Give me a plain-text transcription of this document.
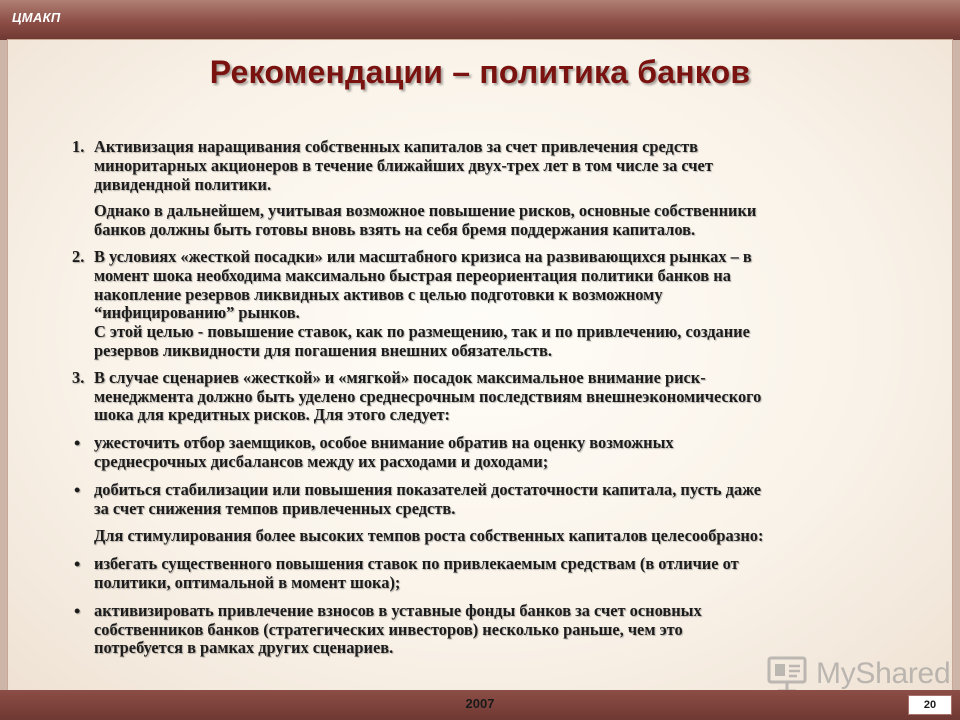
ЦМАКП
Рекомендации – политика банков
1. Активизация наращивания собственных капиталов за счет привлечения средств
миноритарных акционеров в течение ближайших двух-трех лет в том числе за счет
дивидендной политики.
Однако в дальнейшем, учитывая возможное повышение рисков, основные собственники
банков должны быть готовы вновь взять на себя бремя поддержания капиталов.
2. В условиях «жесткой посадки» или масштабного кризиса на развивающихся рынках – в
момент шока необходима максимально быстрая переориентация политики банков на
накопление резервов ликвидных активов с целью подготовки к возможному
“инфицированию” рынков.
С этой целью - повышение ставок, как по размещению, так и по привлечению, создание
резервов ликвидности для погашения внешних обязательств.
3. В случае сценариев «жесткой» и «мягкой» посадок максимальное внимание риск-
менеджмента должно быть уделено среднесрочным последствиям внешнеэкономического
шока для кредитных рисков. Для этого следует:
• ужесточить отбор заемщиков, особое внимание обратив на оценку возможных
среднесрочных дисбалансов между их расходами и доходами;
• добиться стабилизации или повышения показателей достаточности капитала, пусть даже
за счет снижения темпов привлеченных средств.
Для стимулирования более высоких темпов роста собственных капиталов целесообразно:
• избегать существенного повышения ставок по привлекаемым средствам (в отличие от
политики, оптимальной в момент шока);
• активизировать привлечение взносов в уставные фонды банков за счет основных
собственников банков (стратегических инвесторов) несколько раньше, чем это
потребуется в рамках других сценариев.
MyShared
2007	20
